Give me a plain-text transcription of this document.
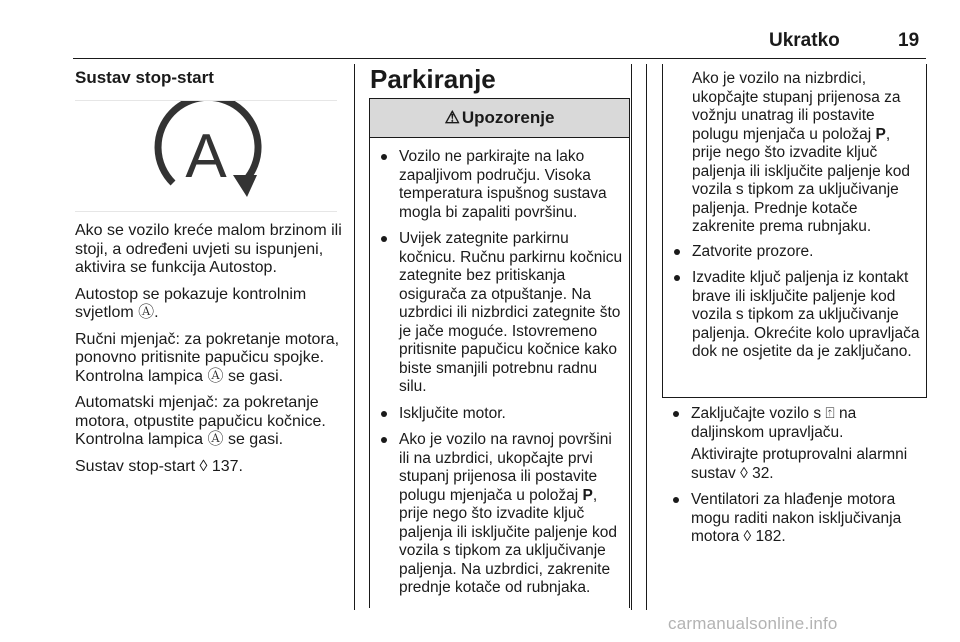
Ukratko	19

Sustav stop-start

A

Ako se vozilo kreće malom brzinom ili stoji, a određeni uvjeti su ispunjeni, aktivira se funkcija Autostop.

Autostop se pokazuje kontrolnim svjetlom Ⓐ.

Ručni mjenjač: za pokretanje motora, ponovno pritisnite papučicu spojke. Kontrolna lampica Ⓐ se gasi.

Automatski mjenjač: za pokretanje motora, otpustite papučicu kočnice. Kontrolna lampica Ⓐ se gasi.

Sustav stop-start ◊ 137.

Parkiranje
⚠ Upozorenje
Vozilo ne parkirajte na lako zapaljivom području. Visoka temperatura ispušnog sustava mogla bi zapaliti površinu.
Uvijek zategnite parkirnu kočnicu. Ručnu parkirnu kočnicu zategnite bez pritiskanja osigurača za otpuštanje. Na uzbrdici ili nizbrdici zategnite što je jače moguće. Istovremeno pritisnite papučicu kočnice kako biste smanjili potrebnu radnu silu.
Isključite motor.
Ako je vozilo na ravnoj površini ili na uzbrdici, ukopčajte prvi stupanj prijenosa ili postavite polugu mjenjača u položaj P, prije nego što izvadite ključ paljenja ili isključite paljenje kod vozila s tipkom za uključivanje paljenja. Na uzbrdici, zakrenite prednje kotače od rubnjaka.

Ako je vozilo na nizbrdici, ukopčajte stupanj prijenosa za vožnju unatrag ili postavite polugu mjenjača u položaj P, prije nego što izvadite ključ paljenja ili isključite paljenje kod vozila s tipkom za uključivanje paljenja. Prednje kotače zakrenite prema rubnjaku.

Zatvorite prozore.
Izvadite ključ paljenja iz kontakt brave ili isključite paljenje kod vozila s tipkom za uključivanje paljenja. Okrećite kolo upravljača dok ne osjetite da je zaključano.
Zaključajte vozilo s ⍐ na daljinskom upravljaču.

Aktivirajte protuprovalni alarmni sustav ◊ 32.

Ventilatori za hlađenje motora mogu raditi nakon isključivanja motora ◊ 182.
carmanualsonline.info
